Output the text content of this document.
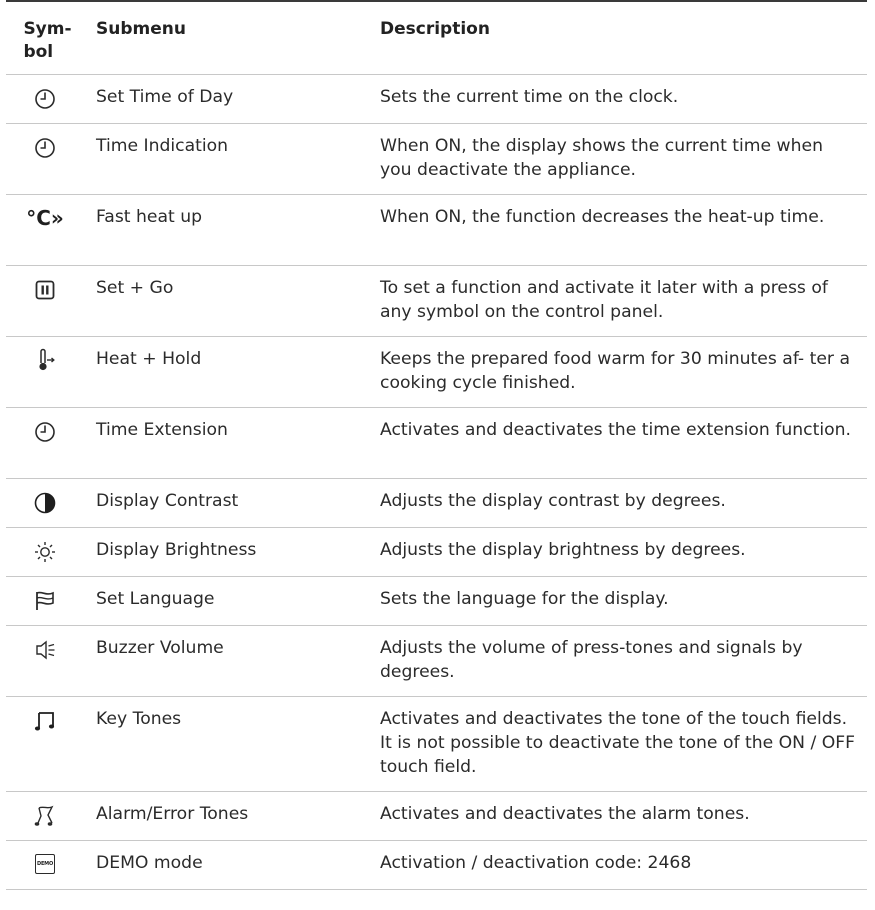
Sym-
bol
Submenu	Description
Set Time of Day	Sets the current time on the clock.
Time Indication	When ON, the display shows the current time when you deactivate the appliance.
°C»	Fast heat up	When ON, the function decreases the heat-up time.
Set + Go	To set a function and activate it later with a press of any symbol on the control panel.
Heat + Hold	Keeps the prepared food warm for 30 minutes af- ter a cooking cycle finished.
Time Extension	Activates and deactivates the time extension function.
Display Contrast	Adjusts the display contrast by degrees.
Display Brightness	Adjusts the display brightness by degrees.
Set Language	Sets the language for the display.
Buzzer Volume	Adjusts the volume of press-tones and signals by degrees.
Key Tones	Activates and deactivates the tone of the touch fields. It is not possible to deactivate the tone of the ON / OFF touch field.
Alarm/Error Tones	Activates and deactivates the alarm tones.
DEMO	DEMO mode	Activation / deactivation code: 2468
